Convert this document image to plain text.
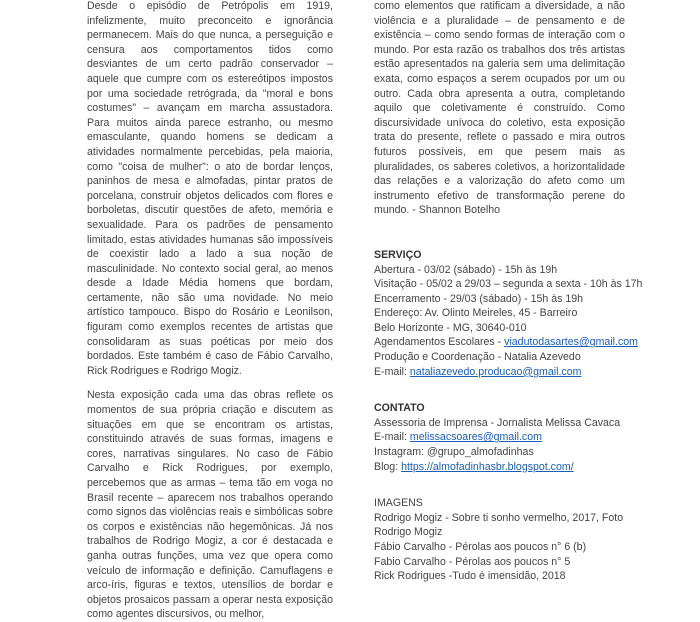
Desde o episódio de Petrópolis em 1919, infelizmente, muito preconceito e ignorância permanecem. Mais do que nunca, a perseguição e censura aos comportamentos tidos como desviantes de um certo padrão conservador – aquele que cumpre com os estereótipos impostos por uma sociedade retrógrada, da "moral e bons costumes" – avançam em marcha assustadora. Para muitos ainda parece estranho, ou mesmo emasculante, quando homens se dedicam a atividades normalmente percebidas, pela maioria, como "coisa de mulher": o ato de bordar lenços, paninhos de mesa e almofadas, pintar pratos de porcelana, construir objetos delicados com flores e borboletas, discutir questões de afeto, memória e sexualidade. Para os padrões de pensamento limitado, estas atividades humanas são impossíveis de coexistir lado a lado a sua noção de masculinidade. No contexto social geral, ao menos desde a Idade Média homens que bordam, certamente, não são uma novidade. No meio artístico tampouco. Bispo do Rosário e Leonilson, figuram como exemplos recentes de artistas que consolidaram as suas poéticas por meio dos bordados. Este também é caso de Fábio Carvalho, Rick Rodrigues e Rodrigo Mogiz.

Nesta exposição cada uma das obras reflete os momentos de sua própria criação e discutem as situações em que se encontram os artistas, constituindo através de suas formas, imagens e cores, narrativas singulares. No caso de Fábio Carvalho e Rick Rodrigues, por exemplo, percebemos que as armas – tema tão em voga no Brasil recente – aparecem nos trabalhos operando como signos das violências reais e simbólicas sobre os corpos e existências não hegemônicas. Já nos trabalhos de Rodrigo Mogiz, a cor é destacada e ganha outras funções, uma vez que opera como veículo de informação e definição. Camuflagens e arco-íris, figuras e textos, utensílios de bordar e objetos prosaicos passam a operar nesta exposição como agentes discursivos, ou melhor,

como elementos que ratificam a diversidade, a não violência e a pluralidade – de pensamento e de existência – como sendo formas de interação com o mundo. Por esta razão os trabalhos dos três artistas estão apresentados na galeria sem uma delimitação exata, como espaços a serem ocupados por um ou outro. Cada obra apresenta a outra, completando aquilo que coletivamente é construído. Como discursividade unívoca do coletivo, esta exposição trata do presente, reflete o passado e mira outros futuros possíveis, em que pesem mais as pluralidades, os saberes coletivos, a horizontalidade das relações e a valorização do afeto como um instrumento efetivo de transformação perene do mundo. - Shannon Botelho

SERVIÇO
Abertura - 03/02 (sábado) - 15h às 19h
Visitação - 05/02 a 29/03 – segunda a sexta - 10h às 17h
Encerramento - 29/03 (sábado) - 15h às 19h
Endereço: Av. Olinto Meireles, 45 - Barreiro
Belo Horizonte - MG, 30640-010
Agendamentos Escolares - viadutodasartes@gmail.com
Produção e Coordenação - Natalia Azevedo
E-mail: nataliazevedo.producao@gmail.com
CONTATO
Assessoria de Imprensa - Jornalista Melissa Cavaca
E-mail: melissacsoares@gmail.com
Instagram: @grupo_almofadinhas
Blog: https://almofadinhasbr.blogspot.com/
IMAGENS
Rodrigo Mogiz - Sobre ti sonho vermelho, 2017, Foto Rodrigo Mogiz
Fábio Carvalho - Pérolas aos poucos n° 6 (b)
Fabio Carvalho - Pérolas aos poucos n° 5
Rick Rodrigues -Tudo é imensidão, 2018
